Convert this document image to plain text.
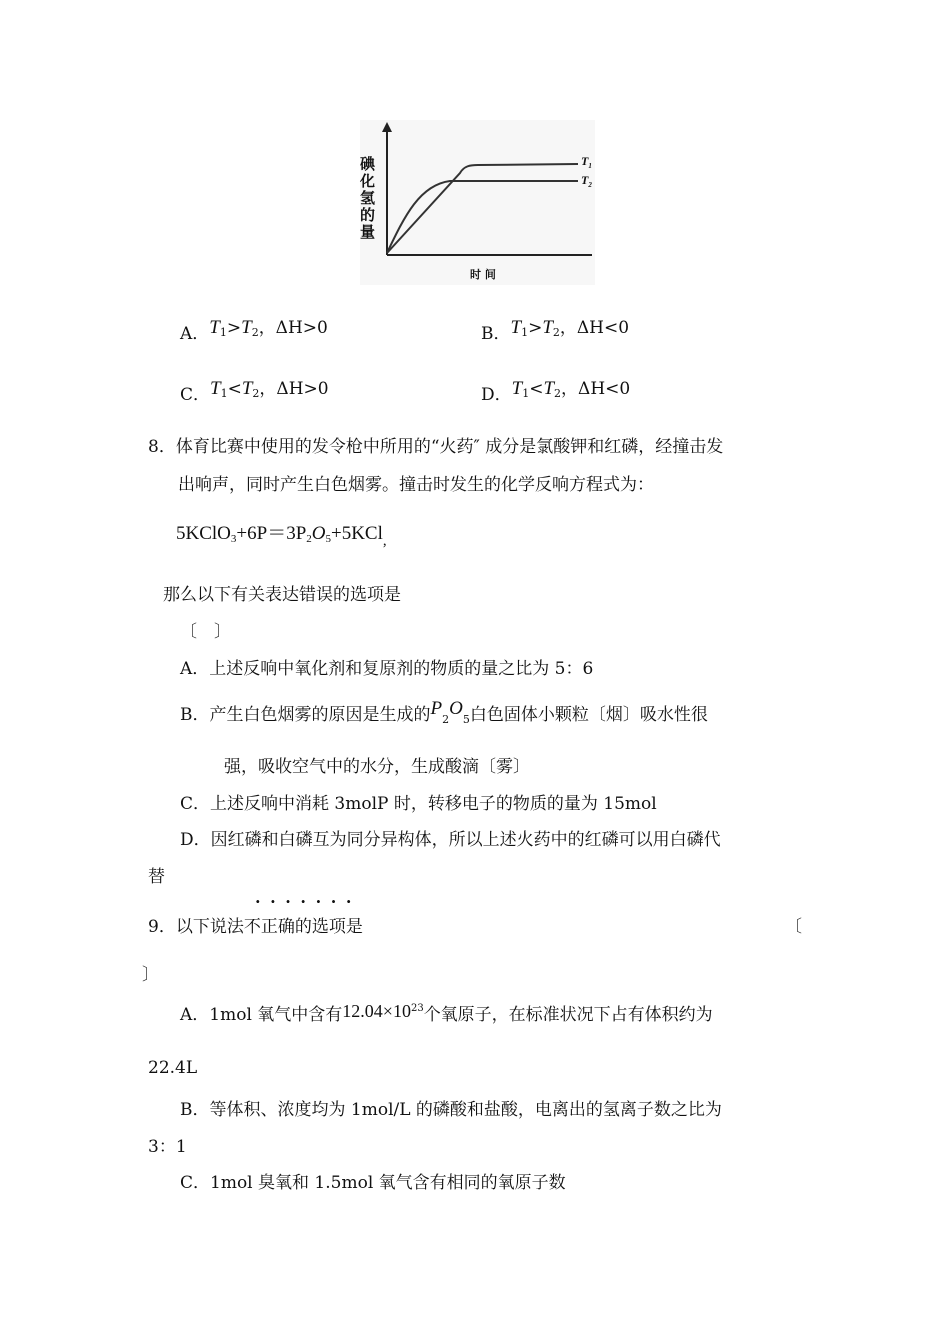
碘化氢的量
时 间
$T_1$
$T_2$
A．$T_1>T_2$，ΔH>0	B．$T_1>T_2$，ΔH<0
C．$T_1<T_2$，ΔH>0	D．$T_1<T_2$，ΔH<0
8．体育比赛中使用的发令枪中所用的“火药″ 成分是氯酸钾和红磷，经撞击发
出响声，同时产生白色烟雾。撞击时发生的化学反响方程式为：
$5KClO_3+6P=3P_2O_5+5KCl_,$
那么以下有关表达错误的选项是
〔　〕
A．上述反响中氧化剂和复原剂的物质的量之比为 5：6
B．产生白色烟雾的原因是生成的$P_2O_5$白色固体小颗粒〔烟〕吸水性很
强，吸收空气中的水分，生成酸滴〔雾〕
C．上述反响中消耗 3molP 时，转移电子的物质的量为 15mol
D．因红磷和白磷互为同分异构体，所以上述火药中的红磷可以用白磷代
替
· · · · · · ·
9．以下说法不正确的选项是	〔
〕
A．1mol 氧气中含有$12.04\times 10^{23}$个氧原子，在标准状况下占有体积约为
22.4L
B．等体积、浓度均为 1mol/L 的磷酸和盐酸，电离出的氢离子数之比为
3：1
C．1mol 臭氧和 1.5mol 氧气含有相同的氧原子数
